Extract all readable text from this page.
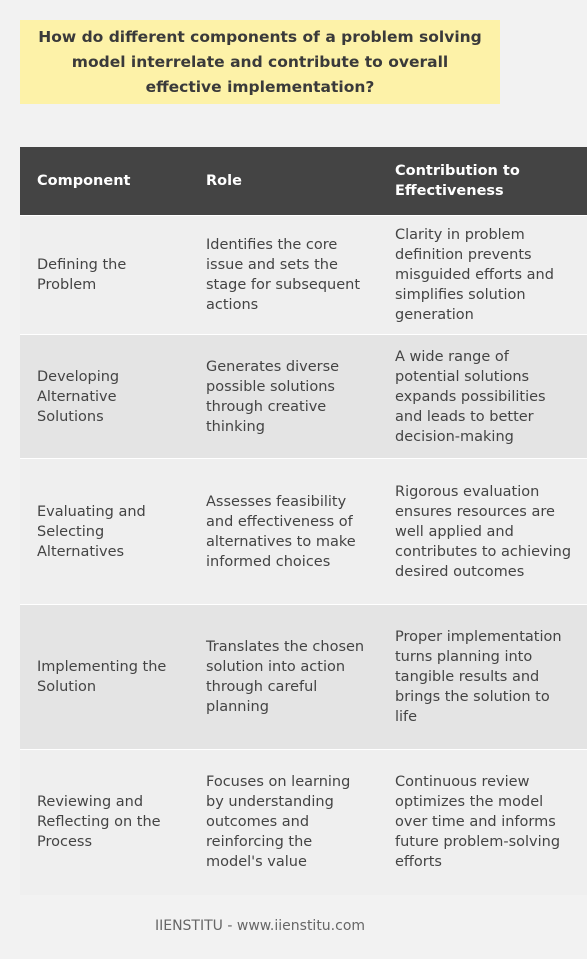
How do different components of a problem solving model interrelate and contribute to overall effective implementation?

Component	Role	Contribution to Effectiveness
Defining the Problem	Identifies the core issue and sets the stage for subsequent actions	Clarity in problem definition prevents misguided efforts and simplifies solution generation
Developing Alternative Solutions	Generates diverse possible solutions through creative thinking	A wide range of potential solutions expands possibilities and leads to better decision-making
Evaluating and Selecting Alternatives	Assesses feasibility and effectiveness of alternatives to make informed choices	Rigorous evaluation ensures resources are well applied and contributes to achieving desired outcomes
Implementing the Solution	Translates the chosen solution into action through careful planning	Proper implementation turns planning into tangible results and brings the solution to life
Reviewing and Reflecting on the Process	Focuses on learning by understanding outcomes and reinforcing the model's value	Continuous review optimizes the model over time and informs future problem-solving efforts
IIENSTITU - www.iienstitu.com
